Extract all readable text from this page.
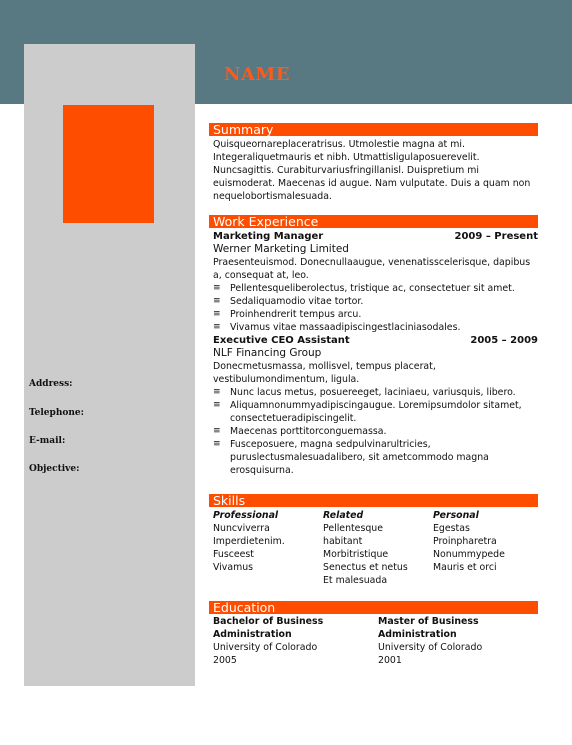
NAME
Address:
Telephone:
E-mail:
Objective:
Summary

Quisqueornareplaceratrisus. Utmolestie magna at mi. Integeraliquetmauris et nibh. Utmattisligulaposuerevelit. Nuncsagittis. Curabiturvariusfringillanisl. Duispretium mi euismoderat. Maecenas id augue. Nam vulputate. Duis a quam non nequelobortismalesuada.

Work Experience
Marketing Manager	2009 – Present
Werner Marketing Limited

Praesenteuismod. Donecnullaaugue, venenatisscelerisque, dapibus a, consequat at, leo.

≡ Pellentesqueliberolectus, tristique ac, consectetuer sit amet.
≡ Sedaliquamodio vitae tortor.
≡ Proinhendrerit tempus arcu.
≡ Vivamus vitae massaadipiscingestlaciniasodales.
Executive CEO Assistant	2005 – 2009
NLF Financing Group

Donecmetusmassa, mollisvel, tempus placerat, vestibulumondimentum, ligula.

≡ Nunc lacus metus, posuereeget, laciniaeu, variusquis, libero.
≡ Aliquamnonummyadipiscingaugue. Loremipsumdolor sitamet, consectetueradipiscingelit.
≡ Maecenas porttitorconguemassa.
≡ Fusceposuere, magna sedpulvinarultricies, puruslectusmalesuadalibero, sit ametcommodo magna erosquisurna.
Skills
Professional
Nuncviverra
Imperdietenim.
Fusceest
Vivamus
Related
Pellentesque
habitant
Morbitristique
Senectus et netus
Et malesuada
Personal
Egestas
Proinpharetra
Nonummypede
Mauris et orci
Education
Bachelor of Business
Administration
University of Colorado
2005
Master of Business
Administration
University of Colorado
2001
